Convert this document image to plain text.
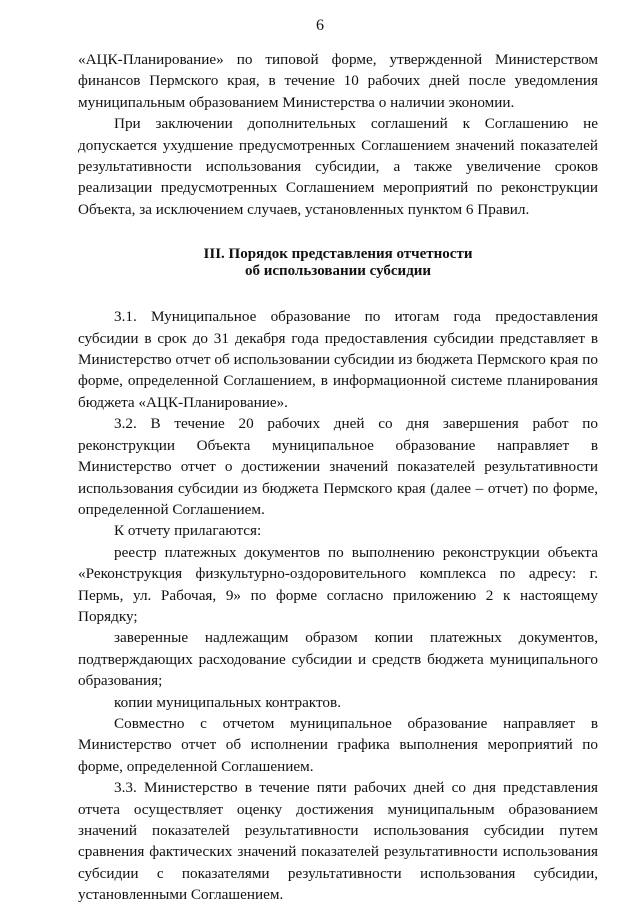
6

«АЦК-Планирование» по типовой форме, утвержденной Министерством финансов Пермского края, в течение 10 рабочих дней после уведомления муниципальным образованием Министерства о наличии экономии.

При заключении дополнительных соглашений к Соглашению не допускается ухудшение предусмотренных Соглашением значений показателей результативности использования субсидии, а также увеличение сроков реализации предусмотренных Соглашением мероприятий по реконструкции Объекта, за исключением случаев, установленных пунктом 6 Правил.

III. Порядок представления отчетности
об использовании субсидии

3.1. Муниципальное образование по итогам года предоставления субсидии в срок до 31 декабря года предоставления субсидии представляет в Министерство отчет об использовании субсидии из бюджета Пермского края по форме, определенной Соглашением, в информационной системе планирования бюджета «АЦК-Планирование».

3.2. В течение 20 рабочих дней со дня завершения работ по реконструкции Объекта муниципальное образование направляет в Министерство отчет о достижении значений показателей результативности использования субсидии из бюджета Пермского края (далее – отчет) по форме, определенной Соглашением.

К отчету прилагаются:

реестр платежных документов по выполнению реконструкции объекта «Реконструкция физкультурно-оздоровительного комплекса по адресу: г. Пермь, ул. Рабочая, 9» по форме согласно приложению 2 к настоящему Порядку;

заверенные надлежащим образом копии платежных документов, подтверждающих расходование субсидии и средств бюджета муниципального образования;

копии муниципальных контрактов.

Совместно с отчетом муниципальное образование направляет в Министерство отчет об исполнении графика выполнения мероприятий по форме, определенной Соглашением.

3.3. Министерство в течение пяти рабочих дней со дня представления отчета осуществляет оценку достижения муниципальным образованием значений показателей результативности использования субсидии путем сравнения фактических значений показателей результативности использования субсидии с показателями результативности использования субсидии, установленными Соглашением.
